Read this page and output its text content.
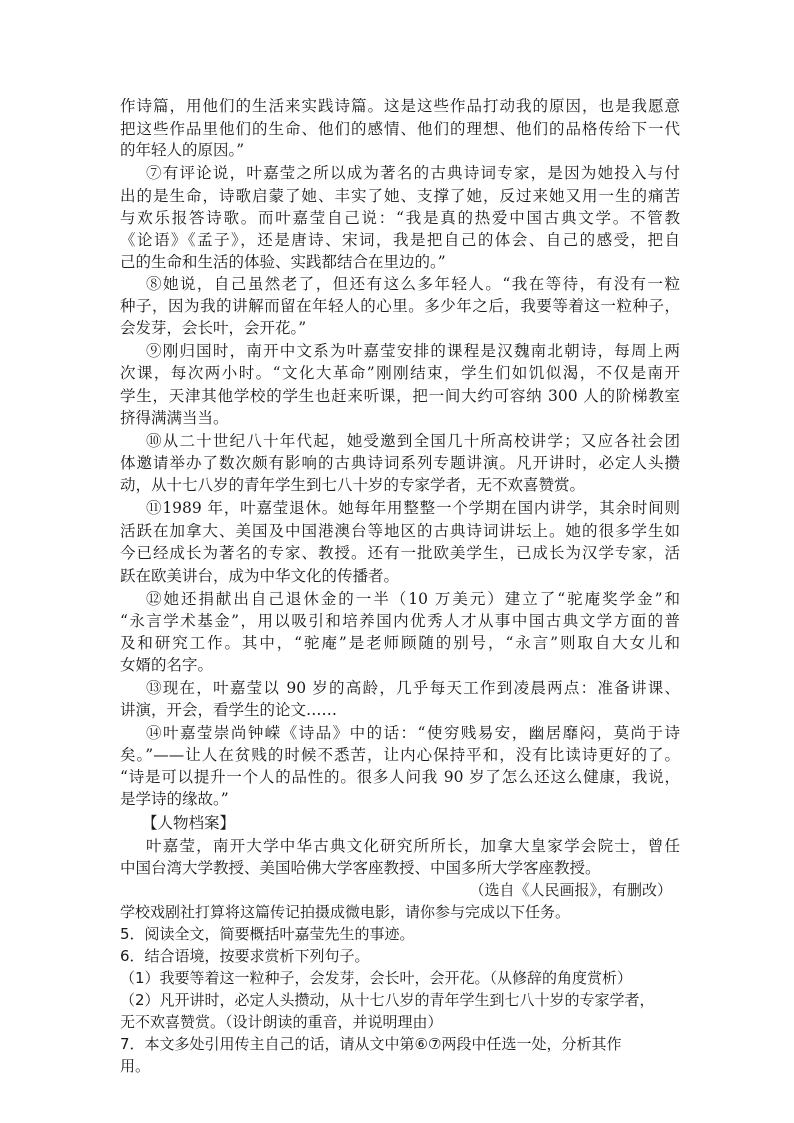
作诗篇，用他们的生活来实践诗篇。这是这些作品打动我的原因，也是我愿意
把这些作品里他们的生命、他们的感情、他们的理想、他们的品格传给下一代
的年轻人的原因。”
⑦有评论说，叶嘉莹之所以成为著名的古典诗词专家，是因为她投入与付
出的是生命，诗歌启蒙了她、丰实了她、支撑了她，反过来她又用一生的痛苦
与欢乐报答诗歌。而叶嘉莹自己说：“我是真的热爱中国古典文学。不管教
《论语》《孟子》，还是唐诗、宋词，我是把自己的体会、自己的感受，把自
己的生命和生活的体验、实践都结合在里边的。”
⑧她说，自己虽然老了，但还有这么多年轻人。“我在等待，有没有一粒
种子，因为我的讲解而留在年轻人的心里。多少年之后，我要等着这一粒种子，
会发芽，会长叶，会开花。”
⑨刚归国时，南开中文系为叶嘉莹安排的课程是汉魏南北朝诗，每周上两
次课，每次两小时。“文化大革命”刚刚结束，学生们如饥似渴，不仅是南开
学生，天津其他学校的学生也赶来听课，把一间大约可容纳 300 人的阶梯教室
挤得满满当当。
⑩从二十世纪八十年代起，她受邀到全国几十所高校讲学；又应各社会团
体邀请举办了数次颇有影响的古典诗词系列专题讲演。凡开讲时，必定人头攒
动，从十七八岁的青年学生到七八十岁的专家学者，无不欢喜赞赏。
⑪1989 年，叶嘉莹退休。她每年用整整一个学期在国内讲学，其余时间则
活跃在加拿大、美国及中国港澳台等地区的古典诗词讲坛上。她的很多学生如
今已经成长为著名的专家、教授。还有一批欧美学生，已成长为汉学专家，活
跃在欧美讲台，成为中华文化的传播者。
⑫她还捐献出自己退休金的一半（10 万美元）建立了“驼庵奖学金”和
“永言学术基金”，用以吸引和培养国内优秀人才从事中国古典文学方面的普
及和研究工作。其中，“驼庵”是老师顾随的别号，“永言”则取自大女儿和
女婿的名字。
⑬现在，叶嘉莹以 90 岁的高龄，几乎每天工作到凌晨两点：准备讲课、
讲演，开会，看学生的论文……
⑭叶嘉莹崇尚钟嵘《诗品》中的话：“使穷贱易安，幽居靡闷，莫尚于诗
矣。”——让人在贫贱的时候不悉苦，让内心保持平和，没有比读诗更好的了。
“诗是可以提升一个人的品性的。很多人问我 90 岁了怎么还这么健康，我说，
是学诗的缘故。”
【人物档案】
叶嘉莹，南开大学中华古典文化研究所所长，加拿大皇家学会院士，曾任
中国台湾大学教授、美国哈佛大学客座教授、中国多所大学客座教授。
（选自《人民画报》，有删改）
学校戏剧社打算将这篇传记拍摄成微电影，请你参与完成以下任务。
5．阅读全文，简要概括叶嘉莹先生的事迹。
6．结合语境，按要求赏析下列句子。
（1）我要等着这一粒种子，会发芽，会长叶，会开花。（从修辞的角度赏析）
（2）凡开讲时，必定人头攒动，从十七八岁的青年学生到七八十岁的专家学者，
无不欢喜赞赏。（设计朗读的重音，并说明理由）
7．本文多处引用传主自己的话，请从文中第⑥⑦两段中任选一处，分析其作
用。
